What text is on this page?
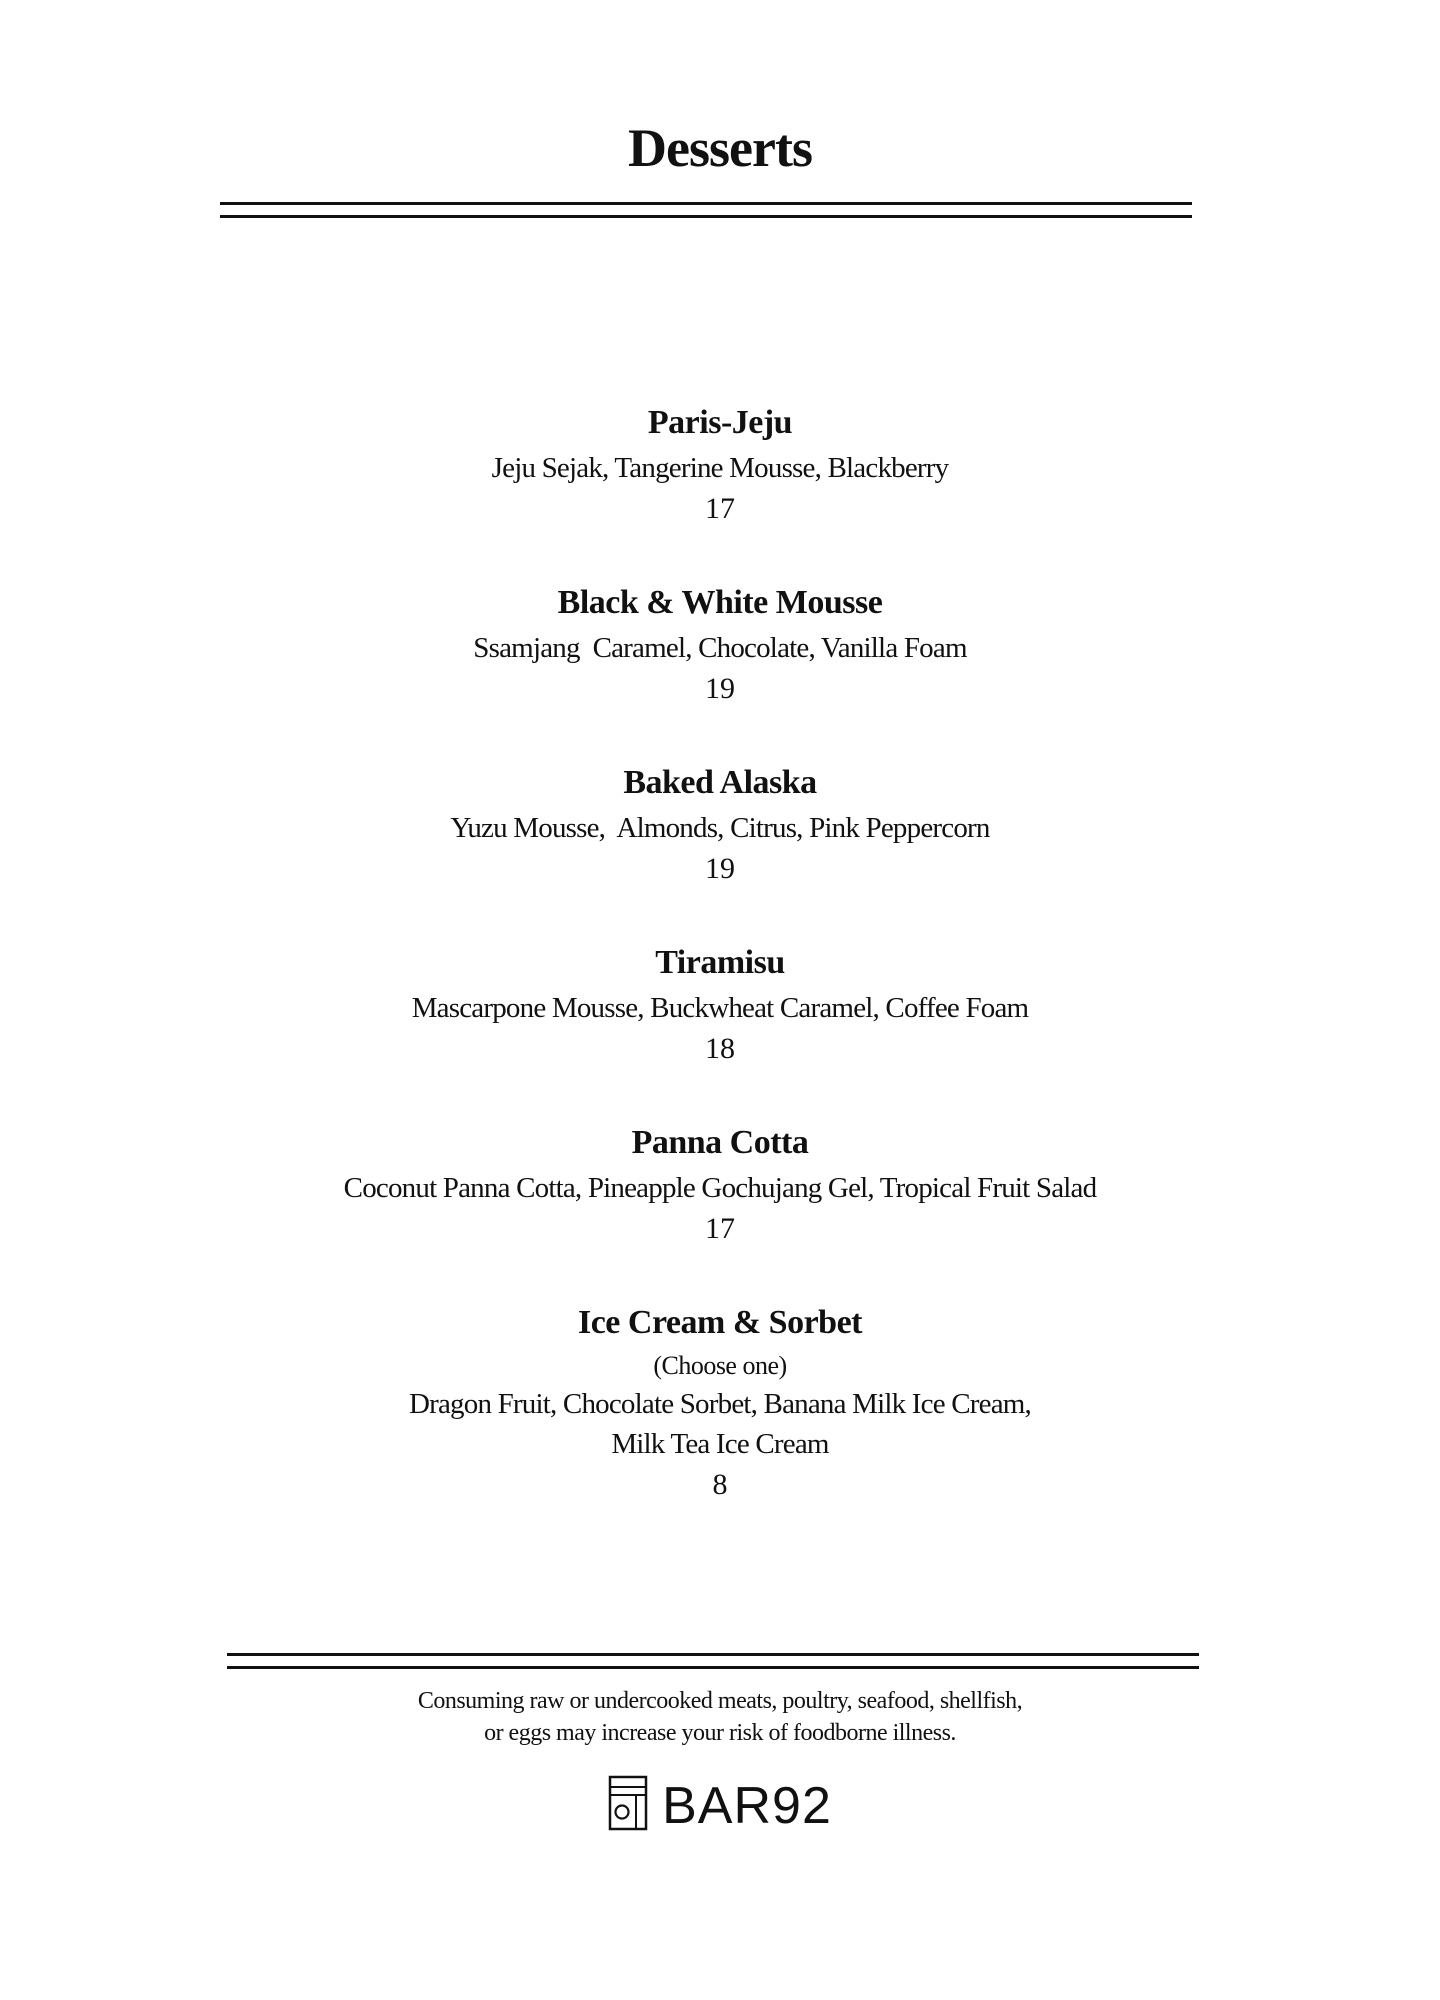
Desserts
Paris-Jeju
Jeju Sejak, Tangerine Mousse, Blackberry
17
Black & White Mousse
Ssamjang  Caramel, Chocolate, Vanilla Foam
19
Baked Alaska
Yuzu Mousse,  Almonds, Citrus, Pink Peppercorn
19
Tiramisu
Mascarpone Mousse, Buckwheat Caramel, Coffee Foam
18
Panna Cotta
Coconut Panna Cotta, Pineapple Gochujang Gel, Tropical Fruit Salad
17
Ice Cream & Sorbet
(Choose one)
Dragon Fruit, Chocolate Sorbet, Banana Milk Ice Cream,
Milk Tea Ice Cream
8
Consuming raw or undercooked meats, poultry, seafood, shellfish,
or eggs may increase your risk of foodborne illness.
BAR92
